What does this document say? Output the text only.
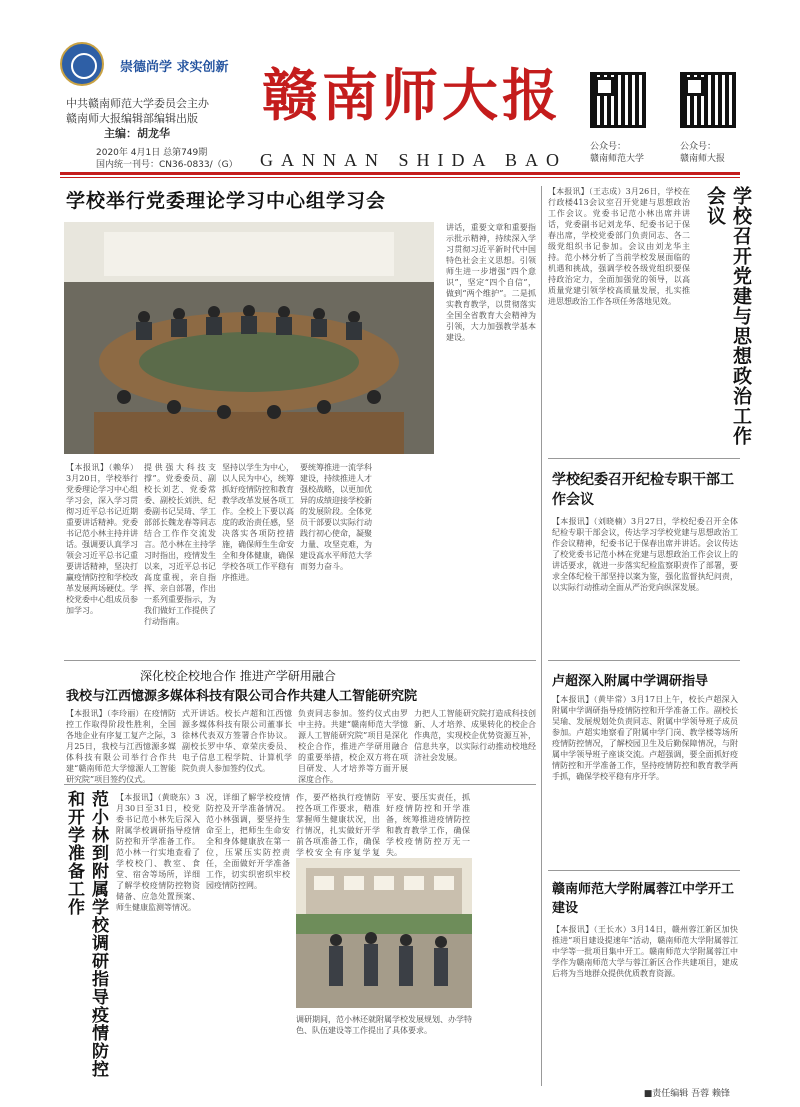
崇德尚学 求实创新
中共赣南师范大学委员会主办
赣南师大报编辑部编辑出版
主编：胡龙华
2020年 4月1日 总第749期
国内统一刊号：CN36-0833/（G）
赣南师大报
GANNAN SHIDA BAO
公众号：
赣南师范大学
公众号：
赣南师大报
学校举行党委理论学习中心组学习会
【本报讯】（赖华）3月20日，学校举行党委理论学习中心组学习会，深入学习贯彻习近平总书记近期重要讲话精神。党委书记范小林主持并讲话。强调要认真学习领会习近平总书记重要讲话精神，坚决打赢疫情防控和学校改革发展两场硬仗。学校党委中心组成员参加学习。
提供强大科技支撑”。党委委员、副校长刘艺、党委常委、副校长刘洪、纪委副书记吴琦、学工部部长魏龙春等同志结合工作作交流发言。范小林在主持学习时指出，疫情发生以来，习近平总书记高度重视，亲自指挥、亲自部署，作出一系列重要指示，为我们做好工作提供了行动指南。
坚持以学生为中心，以人民为中心，统筹抓好疫情防控和教育教学改革发展各项工作。全校上下要以高度的政治责任感，坚决落实各项防控措施，确保师生生命安全和身体健康，确保学校各项工作平稳有序推进。
要统筹推进一流学科建设，持续推进人才强校战略，以更加优异的成绩迎接学校新的发展阶段。全体党员干部要以实际行动践行初心使命，凝聚力量、攻坚克难，为建设高水平师范大学而努力奋斗。
讲话，重要文章和重要指示批示精神，持续深入学习贯彻习近平新时代中国特色社会主义思想。引领师生进一步增强“四个意识”，坚定“四个自信”，做到“两个维护”。二是抓实教育教学，以贯彻落实全国全省教育大会精神为引领，大力加强教学基本建设。
【本报讯】（王志成）3月26日，学校在行政楼413会议室召开党建与思想政治工作会议。党委书记范小林出席并讲话，党委副书记刘龙华、纪委书记于保春出席，学校党委部门负责同志、各二级党组织书记参加。会议由刘龙华主持。范小林分析了当前学校发展面临的机遇和挑战，强调学校各级党组织要保持政治定力，全面加强党的领导，以高质量党建引领学校高质量发展，扎实推进思想政治工作各项任务落地见效。	学校召开党建与思想政治工作会议
学校纪委召开纪检专职干部工作会议
【本报讯】（刘晓楠）3月27日，学校纪委召开全体纪检专职干部会议，传达学习学校党建与思想政治工作会议精神，纪委书记于保春出席并讲话。会议传达了校党委书记范小林在党建与思想政治工作会议上的讲话要求，就进一步落实纪检监察职责作了部署，要求全体纪检干部坚持以案为鉴，强化监督执纪问责，以实际行动推动全面从严治党向纵深发展。
深化校企校地合作 推进产学研用融合
我校与江西憶源多媒体科技有限公司合作共建人工智能研究院
【本报讯】（李玲丽）在疫情防控工作取得阶段性胜利，全国各地企业有序复工复产之际，3月25日，我校与江西憶源多媒体科技有限公司举行合作共建“赣南师范大学憶源人工智能研究院”项目签约仪式。
式开讲话。校长卢超和江西憶源多媒体科技有限公司董事长徐林代表双方签署合作协议。副校长罗中华、章荣庆委员、电子信息工程学院、计算机学院负责人参加签约仪式。
负责同志参加。签约仪式由罗中主持。共建“赣南师范大学憶源人工智能研究院”项目是深化校企合作，推进产学研用融合的重要举措，校企双方将在项目研发、人才培养等方面开展深度合作。
力把人工智能研究院打造成科技创新、人才培养、成果转化的校企合作典范，实现校企优势资源互补，信息共享，以实际行动推动校地经济社会发展。
范小林到附属学校调研指导疫情防控和开学准备工作	【本报讯】（黄晓东）3月30日至31日，校党委书记范小林先后深入附属学校调研指导疫情防控和开学准备工作。范小林一行实地查看了学校校门、教室、食堂、宿舍等场所，详细了解学校疫情防控物资储备、应急处置预案、师生健康监测等情况。
况，详细了解学校疫情防控及开学准备情况。范小林强调，要坚持生命至上，把师生生命安全和身体健康放在第一位，压紧压实防控责任，全面做好开学准备工作，切实织密织牢校园疫情防控网。
作，要严格执行疫情防控各项工作要求，精准掌握师生健康状况，出行情况，扎实做好开学前各项准备工作，确保学校安全有序复学复
平安、要压实责任，抓好疫情防控和开学准备，统筹推进疫情防控和教育教学工作，确保学校疫情防控万无一失。
调研期间，范小林还就附属学校发展规划、办学特色、队伍建设等工作提出了具体要求。
卢超深入附属中学调研指导
【本报讯】（黄毕常）3月17日上午，校长卢超深入附属中学调研指导疫情防控和开学准备工作。副校长吴瑜、发展规划处负责同志、附属中学领导班子成员参加。卢超实地察看了附属中学门岗、教学楼等场所疫情防控情况，了解校园卫生及后勤保障情况，与附属中学领导班子座谈交流。卢超强调，要全面抓好疫情防控和开学准备工作，坚持疫情防控和教育教学两手抓，确保学校平稳有序开学。
赣南师范大学附属蓉江中学开工建设
【本报讯】（王长水）3月14日，赣州蓉江新区加快推进“项目建设提速年”活动，赣南师范大学附属蓉江中学等一批项目集中开工。赣南师范大学附属蓉江中学作为赣南师范大学与蓉江新区合作共建项目，建成后将为当地群众提供优质教育资源。
■责任编辑 吾蓉 赖锋
